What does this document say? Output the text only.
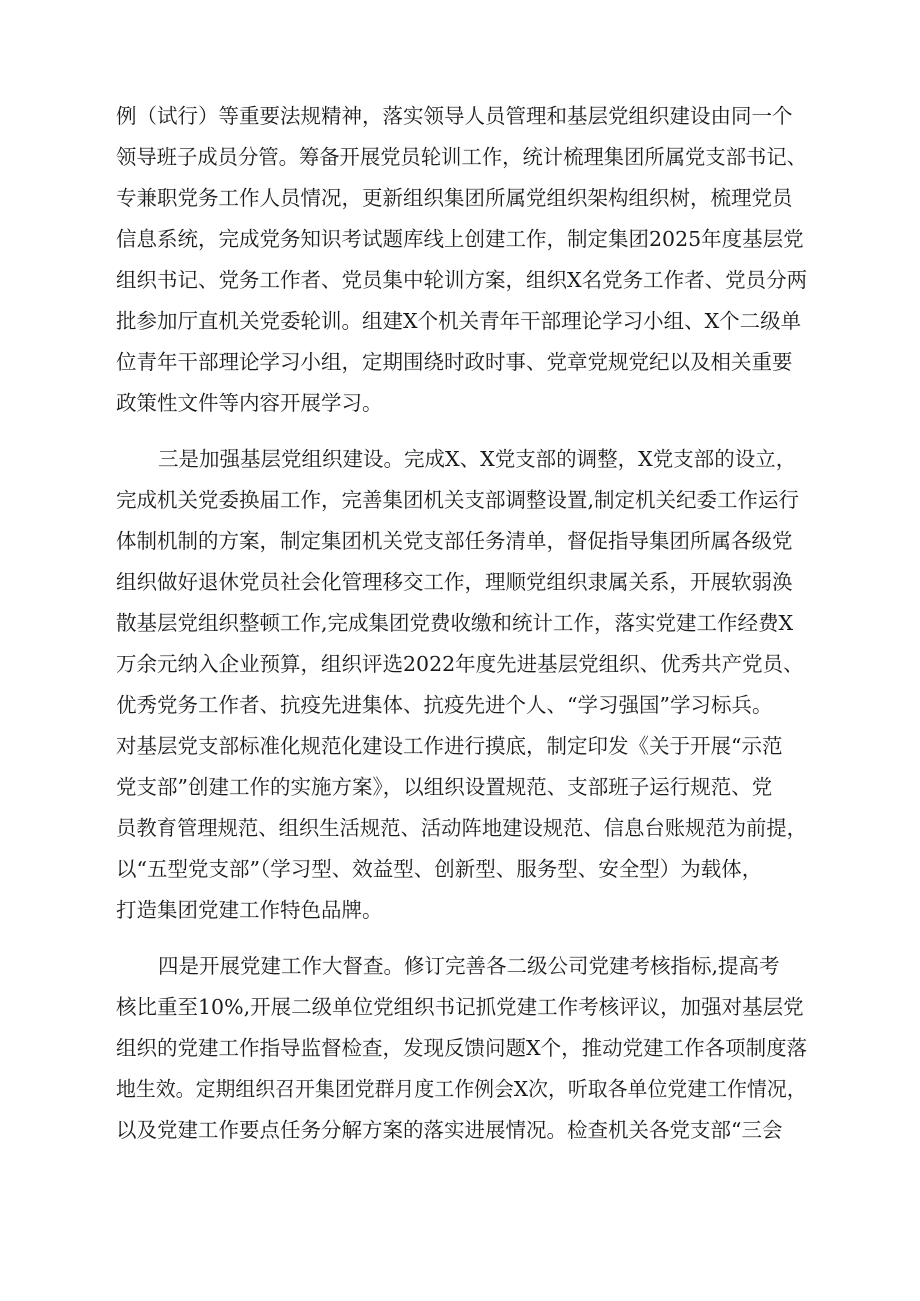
例（试行）等重要法规精神，落实领导人员管理和基层党组织建设由同一个
领导班子成员分管。筹备开展党员轮训工作，统计梳理集团所属党支部书记、
专兼职党务工作人员情况，更新组织集团所属党组织架构组织树，梳理党员
信息系统，完成党务知识考试题库线上创建工作，制定集团2025年度基层党
组织书记、党务工作者、党员集中轮训方案，组织X名党务工作者、党员分两
批参加厅直机关党委轮训。组建X个机关青年干部理论学习小组、X个二级单
位青年干部理论学习小组，定期围绕时政时事、党章党规党纪以及相关重要
政策性文件等内容开展学习。
三是加强基层党组织建设。完成X、X党支部的调整，X党支部的设立，
完成机关党委换届工作，完善集团机关支部调整设置,制定机关纪委工作运行
体制机制的方案，制定集团机关党支部任务清单，督促指导集团所属各级党
组织做好退休党员社会化管理移交工作，理顺党组织隶属关系，开展软弱涣
散基层党组织整顿工作,完成集团党费收缴和统计工作，落实党建工作经费X
万余元纳入企业预算，组织评选2022年度先进基层党组织、优秀共产党员、
优秀党务工作者、抗疫先进集体、抗疫先进个人、“学习强国”学习标兵。
对基层党支部标准化规范化建设工作进行摸底，制定印发《关于开展“示范
党支部”创建工作的实施方案》，以组织设置规范、支部班子运行规范、党
员教育管理规范、组织生活规范、活动阵地建设规范、信息台账规范为前提，
以“五型党支部”（学习型、效益型、创新型、服务型、安全型）为载体，
打造集团党建工作特色品牌。
四是开展党建工作大督查。修订完善各二级公司党建考核指标,提高考
核比重至10%,开展二级单位党组织书记抓党建工作考核评议，加强对基层党
组织的党建工作指导监督检查，发现反馈问题X个，推动党建工作各项制度落
地生效。定期组织召开集团党群月度工作例会X次，听取各单位党建工作情况，
以及党建工作要点任务分解方案的落实进展情况。检查机关各党支部“三会
